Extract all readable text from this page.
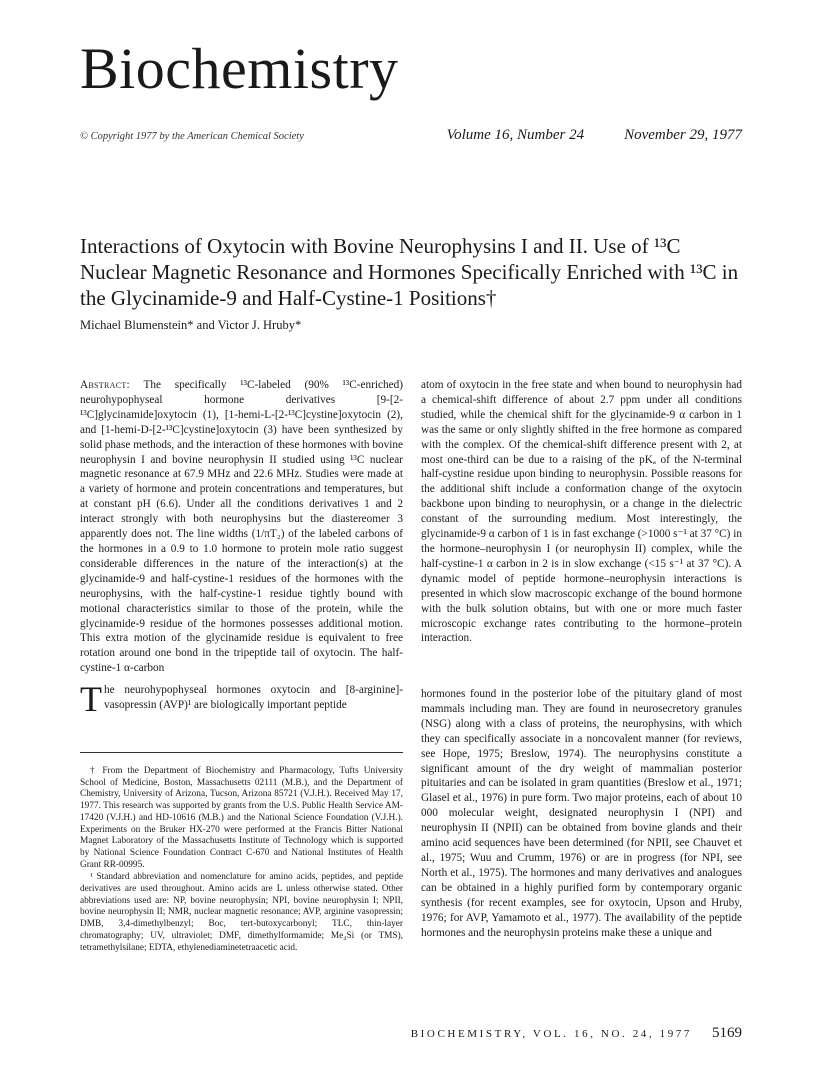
Biochemistry
© Copyright 1977 by the American Chemical Society	Volume 16, Number 24	November 29, 1977
Interactions of Oxytocin with Bovine Neurophysins I and II. Use of ¹³C Nuclear Magnetic Resonance and Hormones Specifically Enriched with ¹³C in the Glycinamide-9 and Half-Cystine-1 Positions†
Michael Blumenstein* and Victor J. Hruby*
Abstract: The specifically ¹³C-labeled (90% ¹³C-enriched) neurohypophyseal hormone derivatives [9-[2-¹³C]glycinamide]oxytocin (1), [1-hemi-L-[2-¹³C]cystine]oxytocin (2), and [1-hemi-D-[2-¹³C]cystine]oxytocin (3) have been synthesized by solid phase methods, and the interaction of these hormones with bovine neurophysin I and bovine neurophysin II studied using ¹³C nuclear magnetic resonance at 67.9 MHz and 22.6 MHz. Studies were made at a variety of hormone and protein concentrations and temperatures, but at constant pH (6.6). Under all the conditions derivatives 1 and 2 interact strongly with both neurophysins but the diastereomer 3 apparently does not. The line widths (1/πT₂) of the labeled carbons of the hormones in a 0.9 to 1.0 hormone to protein mole ratio suggest considerable differences in the nature of the interaction(s) at the glycinamide-9 and half-cystine-1 residues of the hormones with the neurophysins, with the half-cystine-1 residue tightly bound with motional characteristics similar to those of the protein, while the glycinamide-9 residue of the hormones possesses additional motion. This extra motion of the glycinamide residue is equivalent to free rotation around one bond in the tripeptide tail of oxytocin. The half-cystine-1 α-carbon
atom of oxytocin in the free state and when bound to neurophysin had a chemical-shift difference of about 2.7 ppm under all conditions studied, while the chemical shift for the glycinamide-9 α carbon in 1 was the same or only slightly shifted in the free hormone as compared with the complex. Of the chemical-shift difference present with 2, at most one-third can be due to a raising of the pKₐ of the N-terminal half-cystine residue upon binding to neurophysin. Possible reasons for the additional shift include a conformation change of the oxytocin backbone upon binding to neurophysin, or a change in the dielectric constant of the surrounding medium. Most interestingly, the glycinamide-9 α carbon of 1 is in fast exchange (>1000 s⁻¹ at 37 °C) in the hormone–neurophysin I (or neurophysin II) complex, while the half-cystine-1 α carbon in 2 is in slow exchange (<15 s⁻¹ at 37 °C). A dynamic model of peptide hormone–neurophysin interactions is presented in which slow macroscopic exchange of the bound hormone with the bulk solution obtains, but with one or more much faster microscopic exchange rates contributing to the hormone–protein interaction.
The neurohypophyseal hormones oxytocin and [8-arginine]-vasopressin (AVP)¹ are biologically important peptide

† From the Department of Biochemistry and Pharmacology, Tufts University School of Medicine, Boston, Massachusetts 02111 (M.B.), and the Department of Chemistry, University of Arizona, Tucson, Arizona 85721 (V.J.H.). Received May 17, 1977. This research was supported by grants from the U.S. Public Health Service AM-17420 (V.J.H.) and HD-10616 (M.B.) and the National Science Foundation (V.J.H.). Experiments on the Bruker HX-270 were performed at the Francis Bitter National Magnet Laboratory of the Massachusetts Institute of Technology which is supported by National Science Foundation Contract C-670 and National Institutes of Health Grant RR-00995.

¹ Standard abbreviation and nomenclature for amino acids, peptides, and peptide derivatives are used throughout. Amino acids are L unless otherwise stated. Other abbreviations used are: NP, bovine neurophysin; NPI, bovine neurophysin I; NPII, bovine neurophysin II; NMR, nuclear magnetic resonance; AVP, arginine vasopressin; DMB, 3,4-dimethylbenzyl; Boc, tert-butoxycarbonyl; TLC, thin-layer chromatography; UV, ultraviolet; DMF, dimethylformamide; Me₄Si (or TMS), tetramethylsilane; EDTA, ethylenediaminetetraacetic acid.

hormones found in the posterior lobe of the pituitary gland of most mammals including man. They are found in neurosecretory granules (NSG) along with a class of proteins, the neurophysins, with which they can specifically associate in a noncovalent manner (for reviews, see Hope, 1975; Breslow, 1974). The neurophysins constitute a significant amount of the dry weight of mammalian posterior pituitaries and can be isolated in gram quantities (Breslow et al., 1971; Glasel et al., 1976) in pure form. Two major proteins, each of about 10 000 molecular weight, designated neurophysin I (NPI) and neurophysin II (NPII) can be obtained from bovine glands and their amino acid sequences have been determined (for NPII, see Chauvet et al., 1975; Wuu and Crumm, 1976) or are in progress (for NPI, see North et al., 1975). The hormones and many derivatives and analogues can be obtained in a highly purified form by contemporary organic synthesis (for recent examples, see for oxytocin, Upson and Hruby, 1976; for AVP, Yamamoto et al., 1977). The availability of the peptide hormones and the neurophysin proteins make these a unique and
BIOCHEMISTRY, VOL. 16, NO. 24, 1977 5169
